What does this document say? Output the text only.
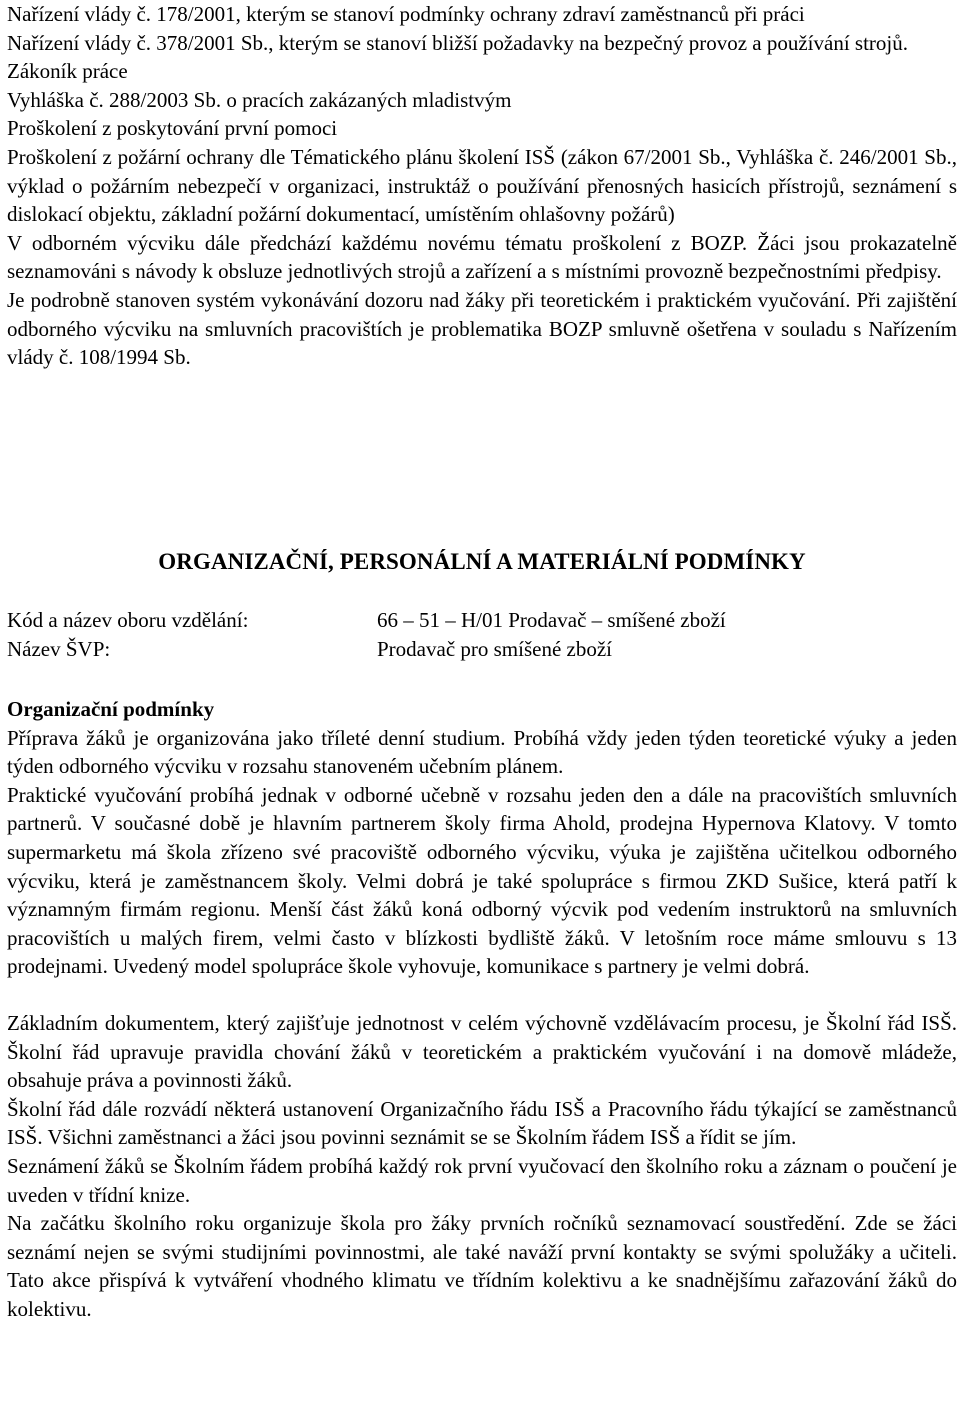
Nařízení vlády č. 178/2001, kterým se stanoví podmínky ochrany zdraví zaměstnanců při práci

Nařízení vlády č. 378/2001 Sb., kterým se stanoví bližší požadavky na bezpečný provoz a používání strojů.

Zákoník práce

Vyhláška č. 288/2003 Sb. o pracích zakázaných mladistvým

Proškolení z poskytování první pomoci

Proškolení z požární ochrany dle Tématického plánu školení ISŠ (zákon 67/2001 Sb., Vyhláška č. 246/2001 Sb., výklad o požárním nebezpečí v organizaci, instruktáž o používání přenosných hasicích přístrojů, seznámení s dislokací objektu, základní požární dokumentací, umístěním ohlašovny požárů)

V odborném výcviku dále předchází každému novému tématu proškolení z BOZP. Žáci jsou prokazatelně seznamováni s návody k obsluze jednotlivých strojů a zařízení a s místními provozně bezpečnostními předpisy.

Je podrobně stanoven systém vykonávání dozoru nad žáky při teoretickém i praktickém vyučování. Při zajištění odborného výcviku na smluvních pracovištích je problematika BOZP smluvně ošetřena v souladu s Nařízením vlády č. 108/1994 Sb.

ORGANIZAČNÍ, PERSONÁLNÍ A MATERIÁLNÍ PODMÍNKY
Kód a název oboru vzdělání:	66 – 51 – H/01 Prodavač – smíšené zboží
Název ŠVP:	Prodavač pro smíšené zboží

Organizační podmínky

Příprava žáků je organizována jako tříleté denní studium. Probíhá vždy jeden týden teoretické výuky a jeden týden odborného výcviku v rozsahu stanoveném učebním plánem.

Praktické vyučování probíhá jednak v odborné učebně v rozsahu jeden den a dále na pracovištích smluvních partnerů. V současné době je hlavním partnerem školy firma Ahold, prodejna Hypernova Klatovy. V tomto supermarketu má škola zřízeno své pracoviště odborného výcviku, výuka je zajištěna učitelkou odborného výcviku, která je zaměstnancem školy. Velmi dobrá je také spolupráce s firmou ZKD Sušice, která patří k významným firmám regionu. Menší část žáků koná odborný výcvik pod vedením instruktorů na smluvních pracovištích u malých firem, velmi často v blízkosti bydliště žáků. V letošním roce máme smlouvu s 13 prodejnami. Uvedený model spolupráce škole vyhovuje, komunikace s partnery je velmi dobrá.

Základním dokumentem, který zajišťuje jednotnost v celém výchovně vzdělávacím procesu, je Školní řád ISŠ. Školní řád upravuje pravidla chování žáků v teoretickém a praktickém vyučování i na domově mládeže, obsahuje práva a povinnosti žáků.

Školní řád dále rozvádí některá ustanovení Organizačního řádu ISŠ a Pracovního řádu týkající se zaměstnanců ISŠ. Všichni zaměstnanci a žáci jsou povinni seznámit se se Školním řádem ISŠ a řídit se jím.

Seznámení žáků se Školním řádem probíhá každý rok první vyučovací den školního roku a záznam o poučení je uveden v třídní knize.

Na začátku školního roku organizuje škola pro žáky prvních ročníků seznamovací soustředění. Zde se žáci seznámí nejen se svými studijními povinnostmi, ale také naváží první kontakty se svými spolužáky a učiteli. Tato akce přispívá k vytváření vhodného klimatu ve třídním kolektivu a ke snadnějšímu zařazování žáků do kolektivu.
